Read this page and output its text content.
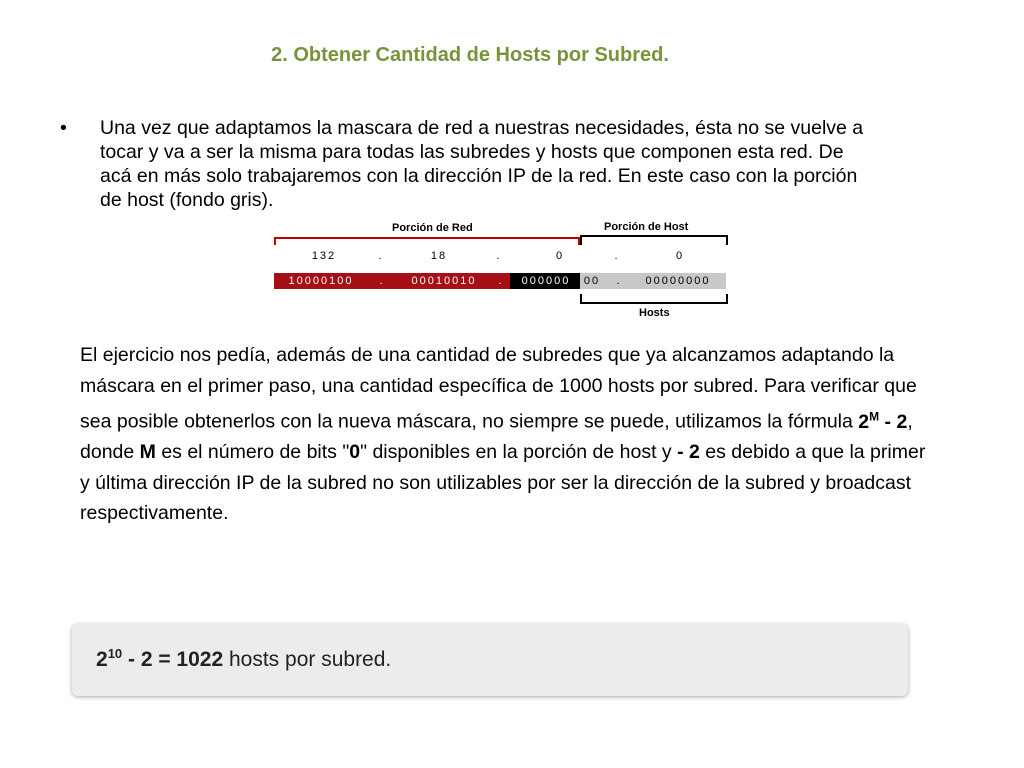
2. Obtener Cantidad de Hosts por Subred.
• Una vez que adaptamos la mascara de red a nuestras necesidades, ésta no se vuelve a tocar y va a ser la misma para todas las subredes y hosts que componen esta red. De acá en más solo trabajaremos con la dirección IP de la red. En este caso con la porción de host (fondo gris).
Porción de Red	Porción de Host
132	.	18	.	0	.	0
10000100	.	00010010	.	000000	00	.	00000000
Hosts
El ejercicio nos pedía, además de una cantidad de subredes que ya alcanzamos adaptando la máscara en el primer paso, una cantidad específica de 1000 hosts por subred. Para verificar que sea posible obtenerlos con la nueva máscara, no siempre se puede, utilizamos la fórmula $2^M - 2$, donde M es el número de bits "0" disponibles en la porción de host y - 2 es debido a que la primer y última dirección IP de la subred no son utilizables por ser la dirección de la subred y broadcast respectivamente.
$2^{10} - 2 = 1022$ hosts por subred.
